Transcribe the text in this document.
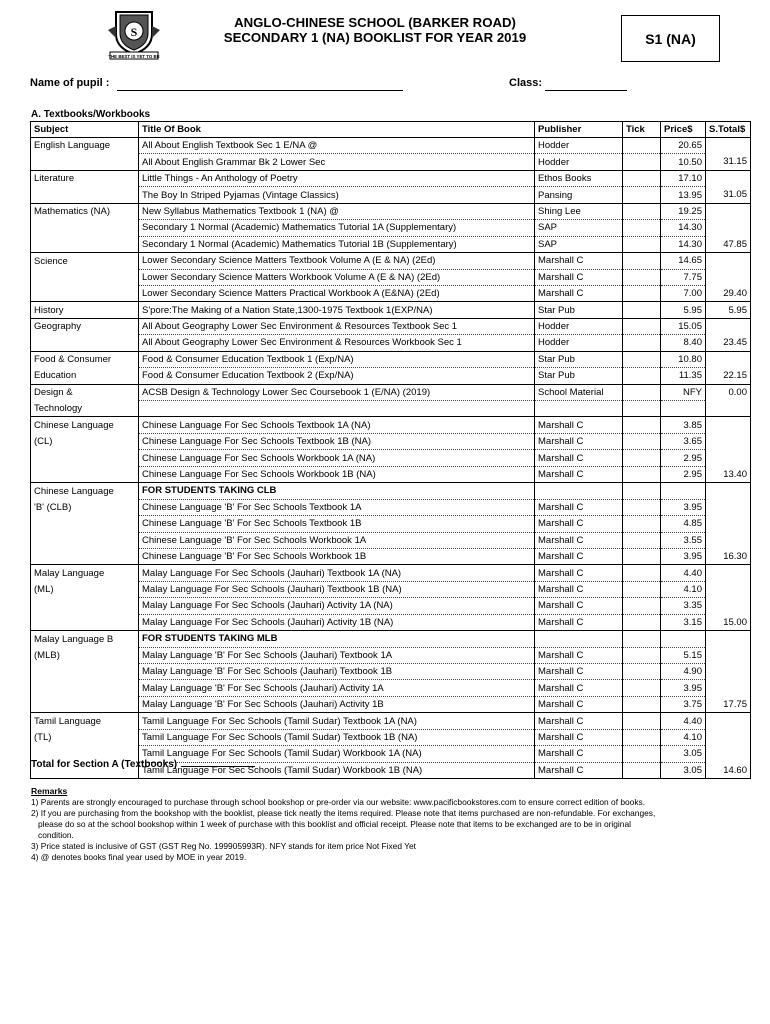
S
THE BEST IS YET TO BE
ANGLO-CHINESE SCHOOL (BARKER ROAD)
SECONDARY 1 (NA) BOOKLIST FOR YEAR 2019	S1 (NA)
Name of pupil :	Class:
A. Textbooks/Workbooks
Subject	Title Of Book	Publisher	Tick	Price$	S.Total$
English Language	All About English Textbook Sec 1 E/NA @	Hodder		20.65	
	All About English Grammar Bk 2 Lower Sec	Hodder		10.50	31.15
Literature	Little Things - An Anthology of Poetry	Ethos Books		17.10	
	The Boy In Striped Pyjamas (Vintage Classics)	Pansing		13.95	31.05
Mathematics (NA)	New Syllabus Mathematics Textbook 1 (NA) @	Shing Lee		19.25	
	Secondary 1 Normal (Academic) Mathematics Tutorial 1A (Supplementary)	SAP		14.30	
	Secondary 1 Normal (Academic) Mathematics Tutorial 1B (Supplementary)	SAP		14.30	47.85
Science	Lower Secondary Science Matters Textbook Volume A (E & NA) (2Ed)	Marshall C		14.65	
	Lower Secondary Science Matters Workbook Volume A (E & NA) (2Ed)	Marshall C		7.75	
	Lower Secondary Science Matters Practical Workbook A (E&NA) (2Ed)	Marshall C		7.00	29.40
History	S'pore:The Making of a Nation State,1300-1975 Textbook 1(EXP/NA)	Star Pub		5.95	5.95
Geography	All About Geography Lower Sec Environment & Resources Textbook Sec 1	Hodder		15.05	
	All About Geography Lower Sec Environment & Resources Workbook Sec 1	Hodder		8.40	23.45
Food & Consumer	Food & Consumer Education Textbook 1 (Exp/NA)	Star Pub		10.80	
Education	Food & Consumer Education Textbook 2 (Exp/NA)	Star Pub		11.35	22.15
Design &	ACSB Design & Technology Lower Sec Coursebook 1 (E/NA) (2019)	School Material		NFY	0.00
Technology					
Chinese Language	Chinese Language For Sec Schools Textbook 1A (NA)	Marshall C		3.85	
(CL)	Chinese Language For Sec Schools Textbook 1B (NA)	Marshall C		3.65	
	Chinese Language For Sec Schools Workbook 1A (NA)	Marshall C		2.95	
	Chinese Language For Sec Schools Workbook 1B (NA)	Marshall C		2.95	13.40
Chinese Language	FOR STUDENTS TAKING CLB				
'B' (CLB)	Chinese Language 'B' For Sec Schools Textbook 1A	Marshall C		3.95	
	Chinese Language 'B' For Sec Schools Textbook 1B	Marshall C		4.85	
	Chinese Language 'B' For Sec Schools Workbook 1A	Marshall C		3.55	
	Chinese Language 'B' For Sec Schools Workbook 1B	Marshall C		3.95	16.30
Malay Language	Malay Language For Sec Schools (Jauhari) Textbook 1A (NA)	Marshall C		4.40	
(ML)	Malay Language For Sec Schools (Jauhari) Textbook 1B (NA)	Marshall C		4.10	
	Malay Language For Sec Schools (Jauhari) Activity 1A (NA)	Marshall C		3.35	
	Malay Language For Sec Schools (Jauhari) Activity 1B (NA)	Marshall C		3.15	15.00
Malay Language B	FOR STUDENTS TAKING MLB				
(MLB)	Malay Language 'B' For Sec Schools (Jauhari) Textbook 1A	Marshall C		5.15	
	Malay Language 'B' For Sec Schools (Jauhari) Textbook 1B	Marshall C		4.90	
	Malay Language 'B' For Sec Schools (Jauhari) Activity 1A	Marshall C		3.95	
	Malay Language 'B' For Sec Schools (Jauhari) Activity 1B	Marshall C		3.75	17.75
Tamil Language	Tamil Language For Sec Schools (Tamil Sudar) Textbook 1A (NA)	Marshall C		4.40	
(TL)	Tamil Language For Sec Schools (Tamil Sudar) Textbook 1B (NA)	Marshall C		4.10	
	Tamil Language For Sec Schools (Tamil Sudar) Workbook 1A (NA)	Marshall C		3.05	
	Tamil Language For Sec Schools (Tamil Sudar) Workbook 1B (NA)	Marshall C		3.05	14.60
Total for Section A (Textbooks)
Remarks
1) Parents are strongly encouraged to purchase through school bookshop or pre-order via our website: www.pacificbookstores.com to ensure correct edition of books.
2) If you are purchasing from the bookshop with the booklist, please tick neatly the items required. Please note that items purchased are non-refundable. For exchanges,
please do so at the school bookshop within 1 week of purchase with this booklist and official receipt. Please note that items to be exchanged are to be in original
condition.
3) Price stated is inclusive of GST (GST Reg No. 199905993R). NFY stands for item price Not Fixed Yet
4) @ denotes books final year used by MOE in year 2019.
